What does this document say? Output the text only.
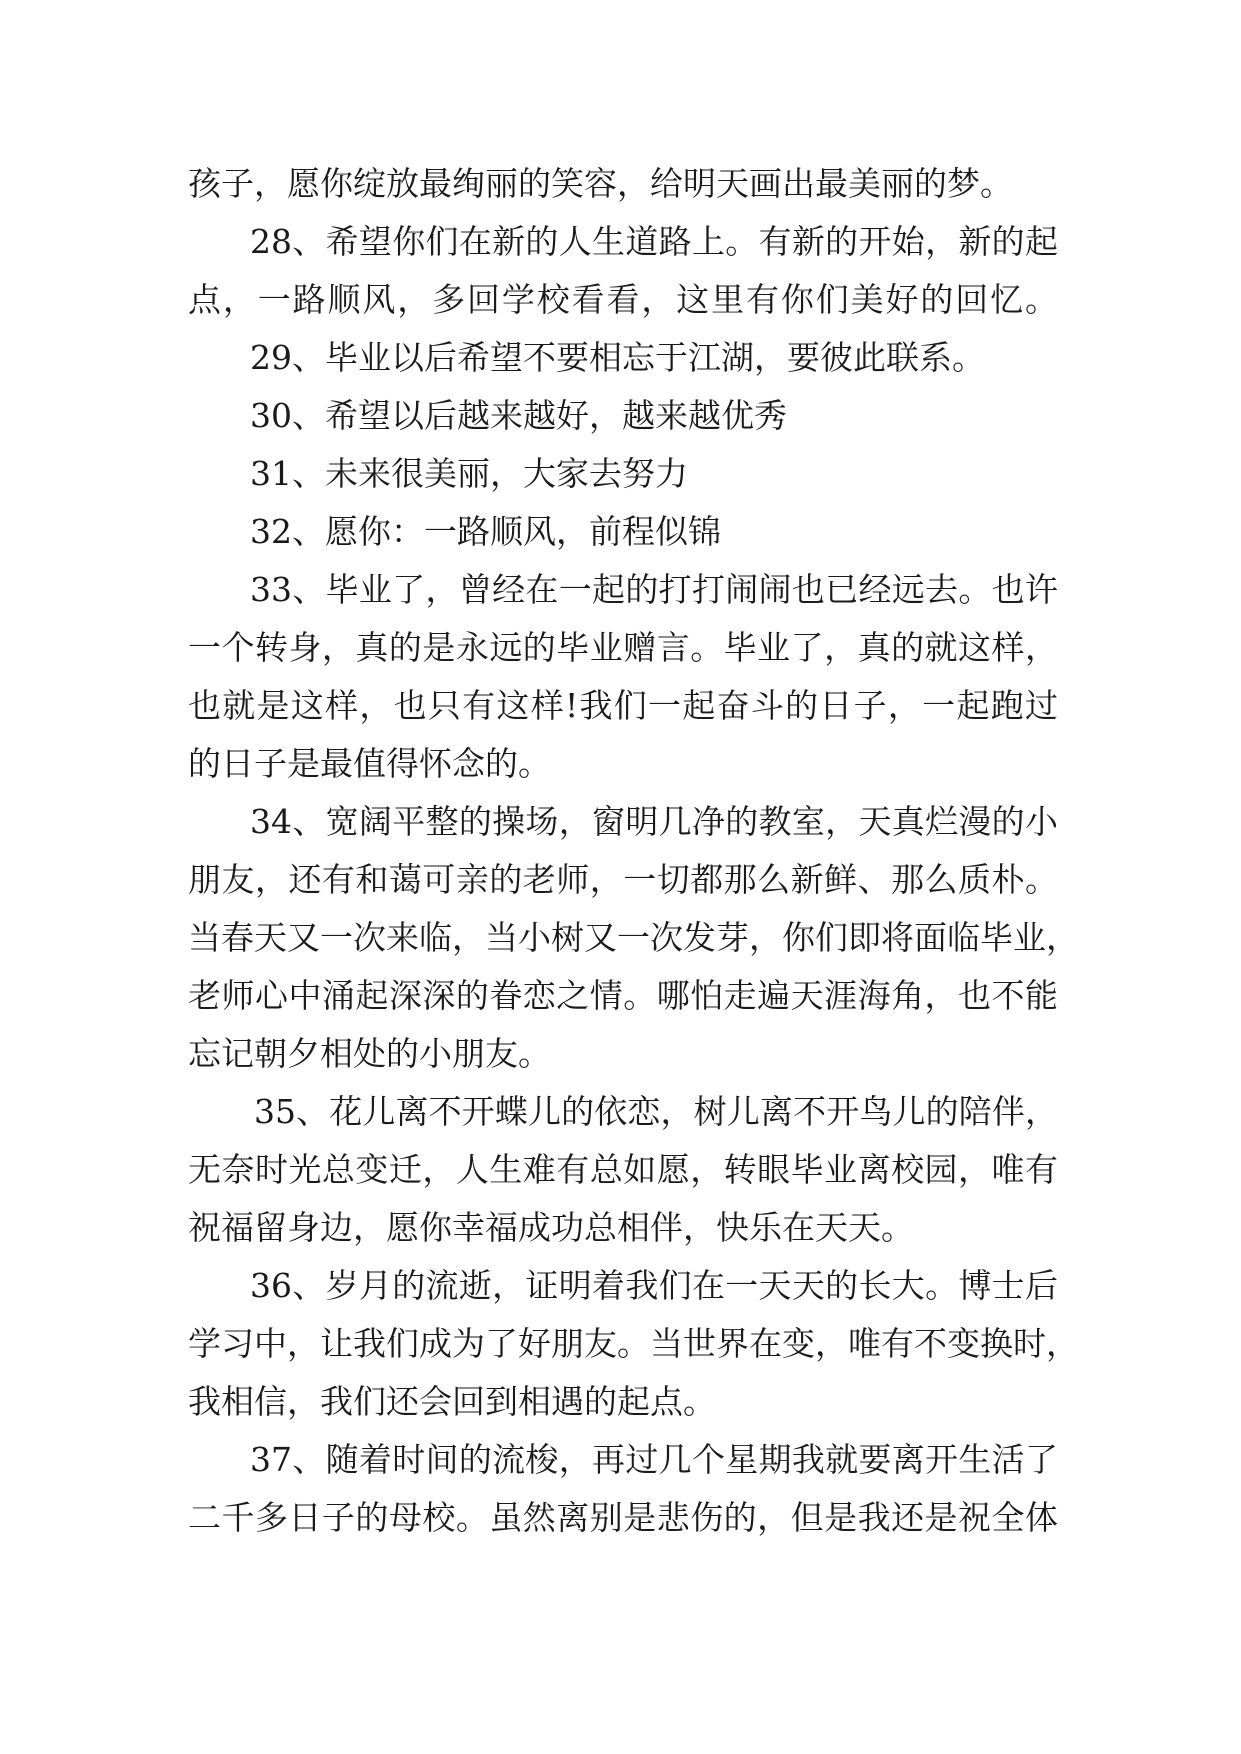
孩子，愿你绽放最绚丽的笑容，给明天画出最美丽的梦。
28、希望你们在新的人生道路上。有新的开始，新的起
点，一路顺风，多回学校看看，这里有你们美好的回忆。
29、毕业以后希望不要相忘于江湖，要彼此联系。
30、希望以后越来越好，越来越优秀
31、未来很美丽，大家去努力
32、愿你：一路顺风，前程似锦
33、毕业了，曾经在一起的打打闹闹也已经远去。也许
一个转身，真的是永远的毕业赠言。毕业了，真的就这样，
也就是这样，也只有这样!我们一起奋斗的日子，一起跑过
的日子是最值得怀念的。
34、宽阔平整的操场，窗明几净的教室，天真烂漫的小
朋友，还有和蔼可亲的老师，一切都那么新鲜、那么质朴。
当春天又一次来临，当小树又一次发芽，你们即将面临毕业，
老师心中涌起深深的眷恋之情。哪怕走遍天涯海角，也不能
忘记朝夕相处的小朋友。
35、花儿离不开蝶儿的依恋，树儿离不开鸟儿的陪伴，
无奈时光总变迁，人生难有总如愿，转眼毕业离校园，唯有
祝福留身边，愿你幸福成功总相伴，快乐在天天。
36、岁月的流逝，证明着我们在一天天的长大。博士后
学习中，让我们成为了好朋友。当世界在变，唯有不变换时，
我相信，我们还会回到相遇的起点。
37、随着时间的流梭，再过几个星期我就要离开生活了
二千多日子的母校。虽然离别是悲伤的，但是我还是祝全体
